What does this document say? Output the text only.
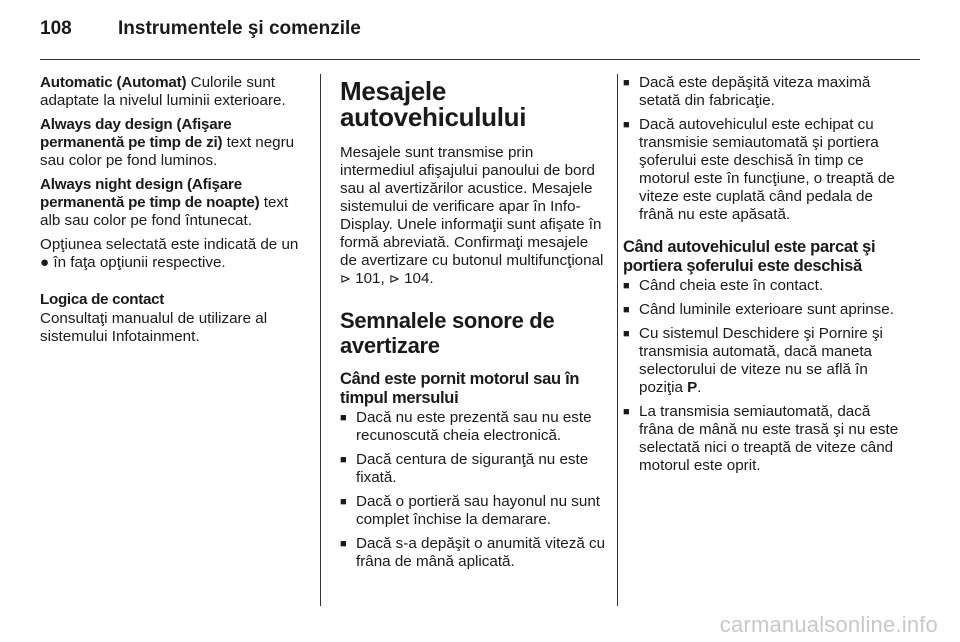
108	Instrumentele şi comenzile

Automatic (Automat) Culorile sunt adaptate la nivelul luminii exterioare.

Always day design (Afişare permanentă pe timp de zi) text negru sau color pe fond luminos.

Always night design (Afişare permanentă pe timp de noapte) text alb sau color pe fond întunecat.

Opţiunea selectată este indicată de un ● în faţa opţiunii respective.

Logica de contact

Consultaţi manualul de utilizare al sistemului Infotainment.

Mesajele autovehiculului

Mesajele sunt transmise prin intermediul afişajului panoului de bord sau al avertizărilor acustice. Mesajele sistemului de verificare apar în Info-Display. Unele informaţii sunt afişate în formă abreviată. Confirmaţi mesajele de avertizare cu butonul multifuncţional ⊳ 101, ⊳ 104.

Semnalele sonore de avertizare
Când este pornit motorul sau în timpul mersului
■ Dacă nu este prezentă sau nu este recunoscută cheia electronică.
■ Dacă centura de siguranţă nu este fixată.
■ Dacă o portieră sau hayonul nu sunt complet închise la demarare.
■ Dacă s-a depăşit o anumită viteză cu frâna de mână aplicată.
■ Dacă este depăşită viteza maximă setată din fabricaţie.
■ Dacă autovehiculul este echipat cu transmisie semiautomată şi portiera şoferului este deschisă în timp ce motorul este în funcţiune, o treaptă de viteze este cuplată când pedala de frână nu este apăsată.
Când autovehiculul este parcat şi portiera şoferului este deschisă
■ Când cheia este în contact.
■ Când luminile exterioare sunt aprinse.
■ Cu sistemul Deschidere şi Pornire şi transmisia automată, dacă maneta selectorului de viteze nu se află în poziţia P.
■ La transmisia semiautomată, dacă frâna de mână nu este trasă şi nu este selectată nici o treaptă de viteze când motorul este oprit.
carmanualsonline.info
